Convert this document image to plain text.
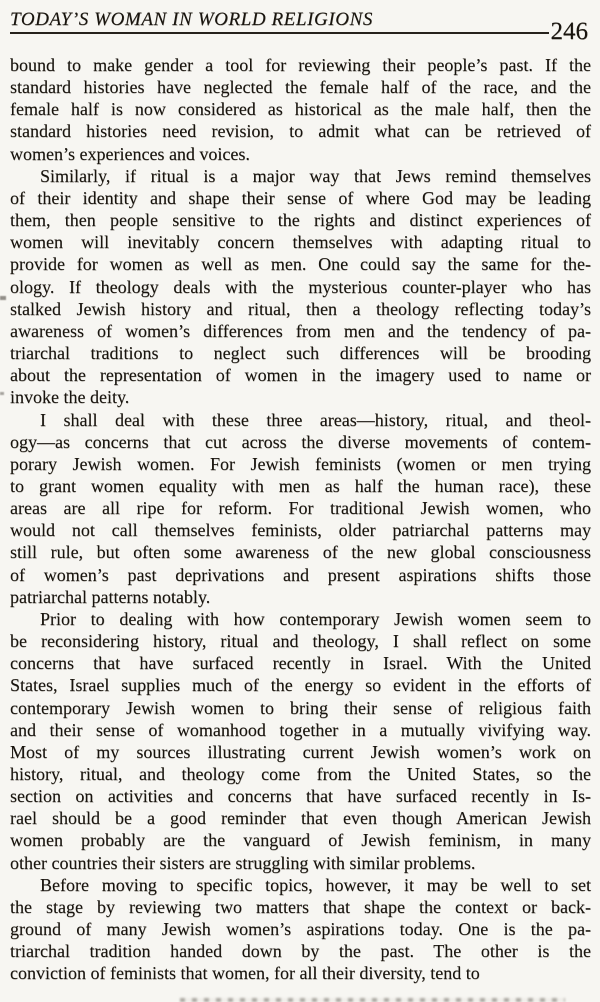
TODAY’S WOMAN IN WORLD RELIGIONS	246
bound to make gender a tool for reviewing their people’s past. If the
standard histories have neglected the female half of the race, and the
female half is now considered as historical as the male half, then the
standard histories need revision, to admit what can be retrieved of
women’s experiences and voices.
Similarly, if ritual is a major way that Jews remind themselves
of their identity and shape their sense of where God may be leading
them, then people sensitive to the rights and distinct experiences of
women will inevitably concern themselves with adapting ritual to
provide for women as well as men. One could say the same for the-
ology. If theology deals with the mysterious counter-player who has
stalked Jewish history and ritual, then a theology reflecting today’s
awareness of women’s differences from men and the tendency of pa-
triarchal traditions to neglect such differences will be brooding
about the representation of women in the imagery used to name or
invoke the deity.
I shall deal with these three areas—history, ritual, and theol-
ogy—as concerns that cut across the diverse movements of contem-
porary Jewish women. For Jewish feminists (women or men trying
to grant women equality with men as half the human race), these
areas are all ripe for reform. For traditional Jewish women, who
would not call themselves feminists, older patriarchal patterns may
still rule, but often some awareness of the new global consciousness
of women’s past deprivations and present aspirations shifts those
patriarchal patterns notably.
Prior to dealing with how contemporary Jewish women seem to
be reconsidering history, ritual and theology, I shall reflect on some
concerns that have surfaced recently in Israel. With the United
States, Israel supplies much of the energy so evident in the efforts of
contemporary Jewish women to bring their sense of religious faith
and their sense of womanhood together in a mutually vivifying way.
Most of my sources illustrating current Jewish women’s work on
history, ritual, and theology come from the United States, so the
section on activities and concerns that have surfaced recently in Is-
rael should be a good reminder that even though American Jewish
women probably are the vanguard of Jewish feminism, in many
other countries their sisters are struggling with similar problems.
Before moving to specific topics, however, it may be well to set
the stage by reviewing two matters that shape the context or back-
ground of many Jewish women’s aspirations today. One is the pa-
triarchal tradition handed down by the past. The other is the
conviction of feminists that women, for all their diversity, tend to
